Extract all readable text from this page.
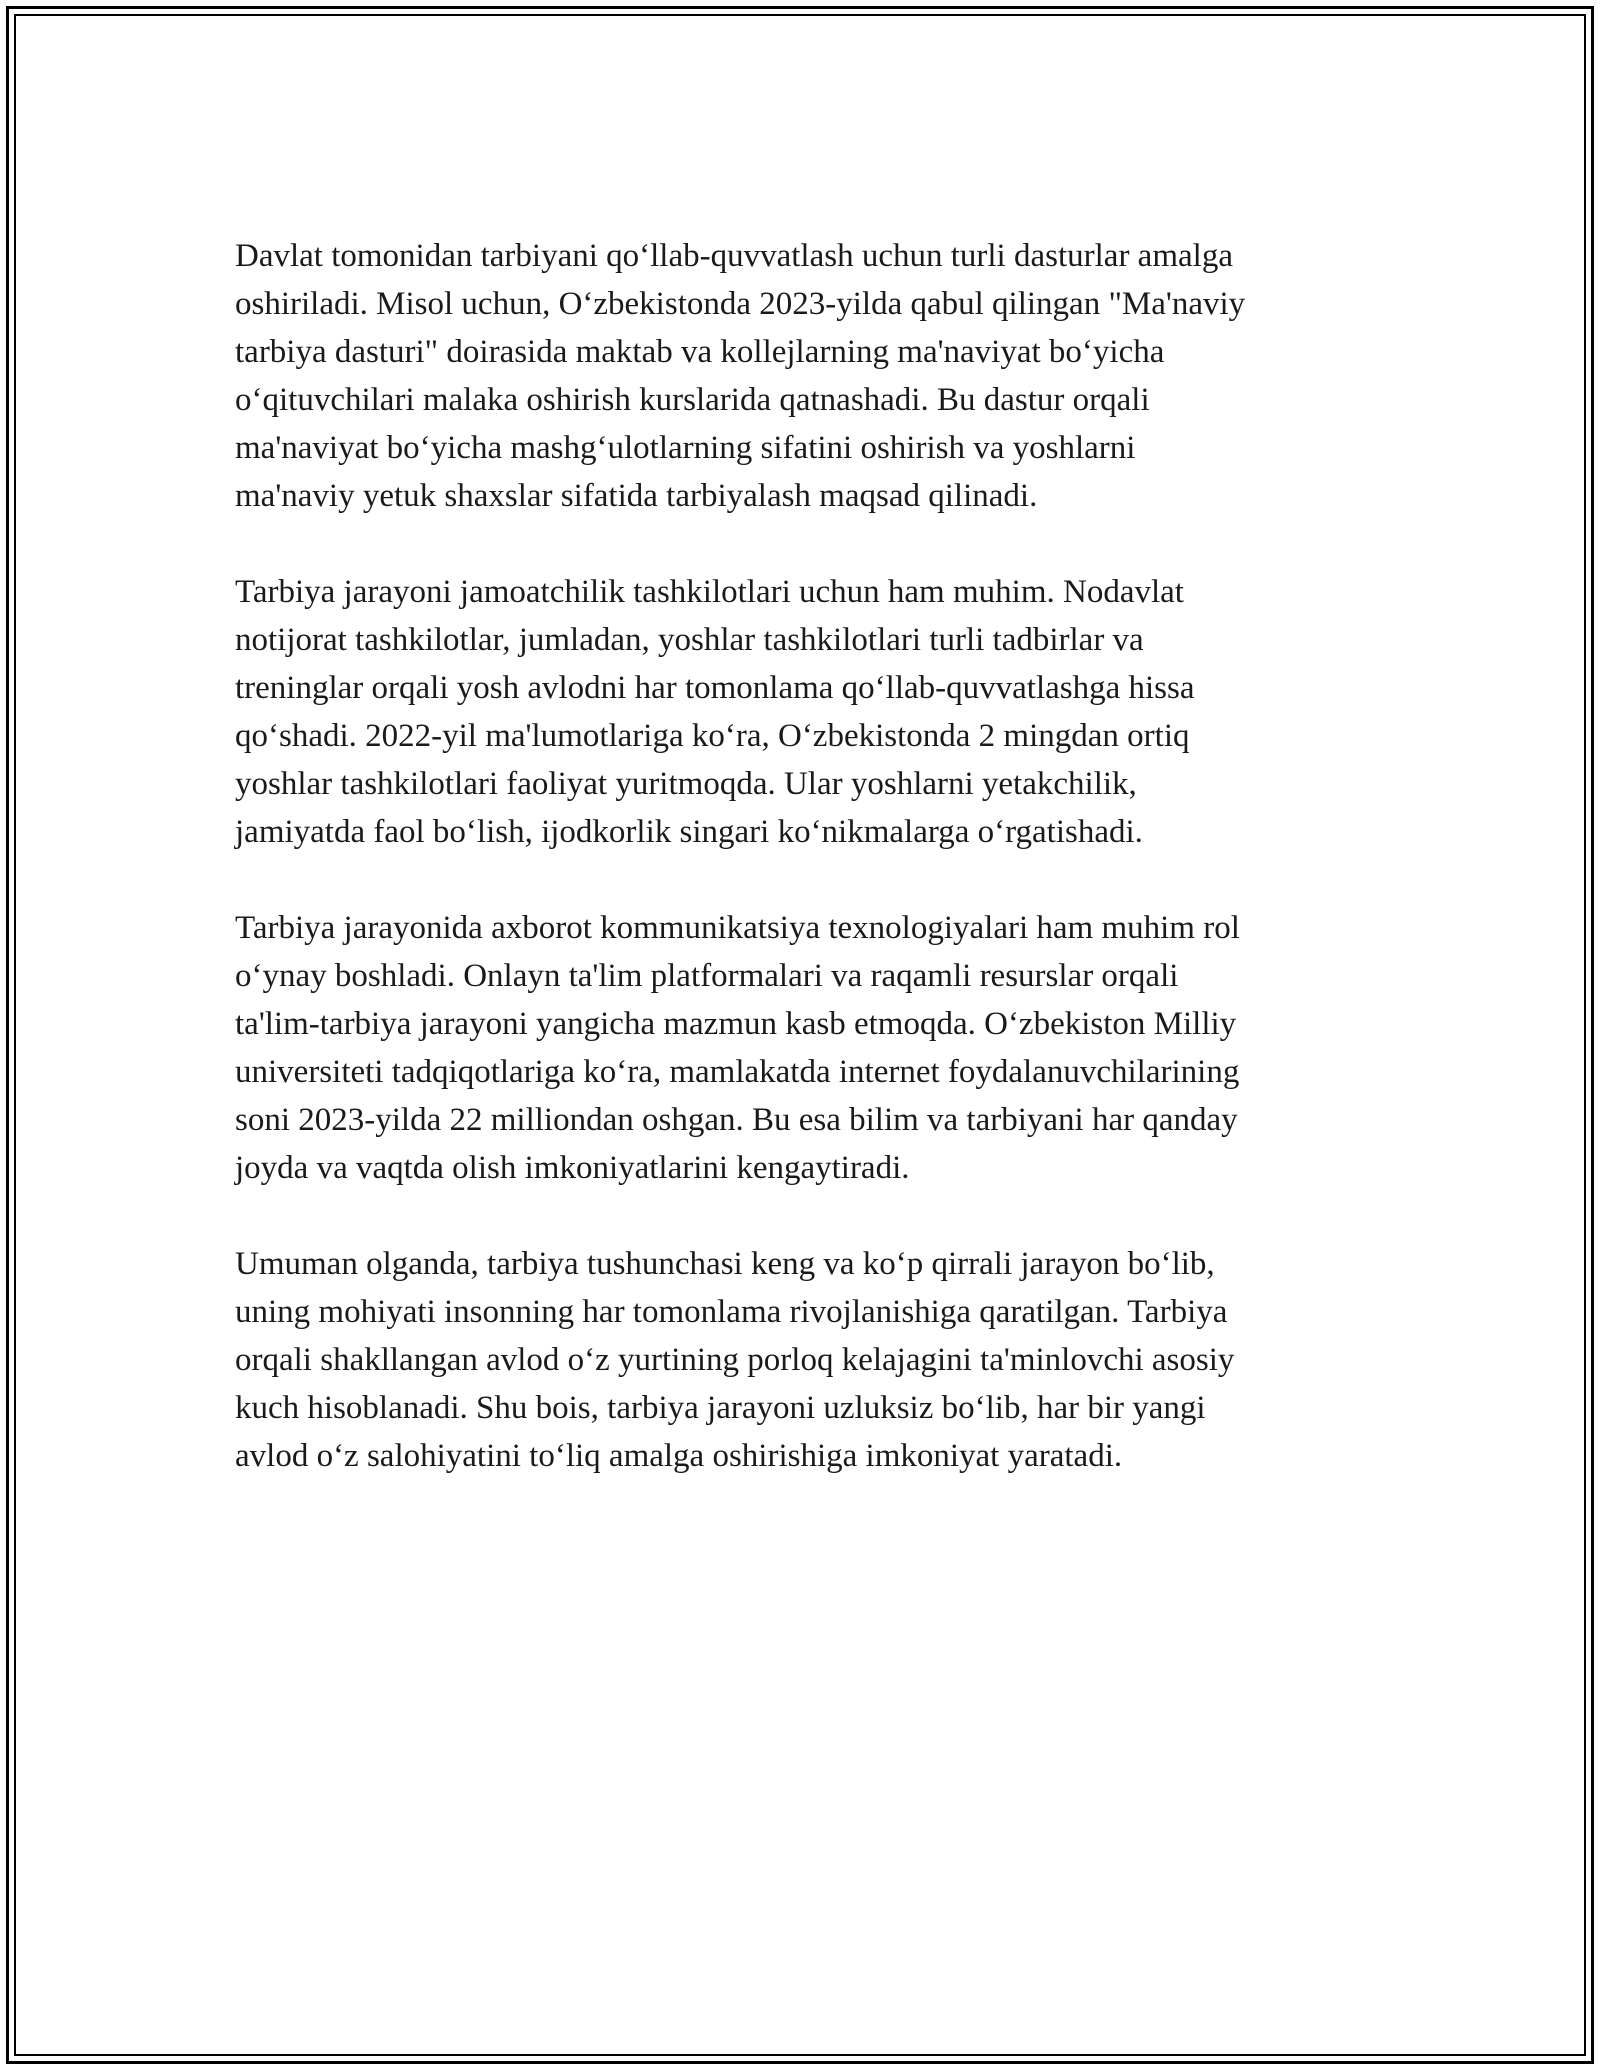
Davlat tomonidan tarbiyani qoʻllab-quvvatlash uchun turli dasturlar amalga
oshiriladi. Misol uchun, Oʻzbekistonda 2023-yilda qabul qilingan "Ma'naviy
tarbiya dasturi" doirasida maktab va kollejlarning ma'naviyat boʻyicha
oʻqituvchilari malaka oshirish kurslarida qatnashadi. Bu dastur orqali
ma'naviyat boʻyicha mashgʻulotlarning sifatini oshirish va yoshlarni
ma'naviy yetuk shaxslar sifatida tarbiyalash maqsad qilinadi.

Tarbiya jarayoni jamoatchilik tashkilotlari uchun ham muhim. Nodavlat
notijorat tashkilotlar, jumladan, yoshlar tashkilotlari turli tadbirlar va
treninglar orqali yosh avlodni har tomonlama qoʻllab-quvvatlashga hissa
qoʻshadi. 2022-yil ma'lumotlariga koʻra, Oʻzbekistonda 2 mingdan ortiq
yoshlar tashkilotlari faoliyat yuritmoqda. Ular yoshlarni yetakchilik,
jamiyatda faol boʻlish, ijodkorlik singari koʻnikmalarga oʻrgatishadi.

Tarbiya jarayonida axborot kommunikatsiya texnologiyalari ham muhim rol
oʻynay boshladi. Onlayn ta'lim platformalari va raqamli resurslar orqali
ta'lim-tarbiya jarayoni yangicha mazmun kasb etmoqda. Oʻzbekiston Milliy
universiteti tadqiqotlariga koʻra, mamlakatda internet foydalanuvchilarining
soni 2023-yilda 22 milliondan oshgan. Bu esa bilim va tarbiyani har qanday
joyda va vaqtda olish imkoniyatlarini kengaytiradi.

Umuman olganda, tarbiya tushunchasi keng va koʻp qirrali jarayon boʻlib,
uning mohiyati insonning har tomonlama rivojlanishiga qaratilgan. Tarbiya
orqali shakllangan avlod oʻz yurtining porloq kelajagini ta'minlovchi asosiy
kuch hisoblanadi. Shu bois, tarbiya jarayoni uzluksiz boʻlib, har bir yangi
avlod oʻz salohiyatini toʻliq amalga oshirishiga imkoniyat yaratadi.
